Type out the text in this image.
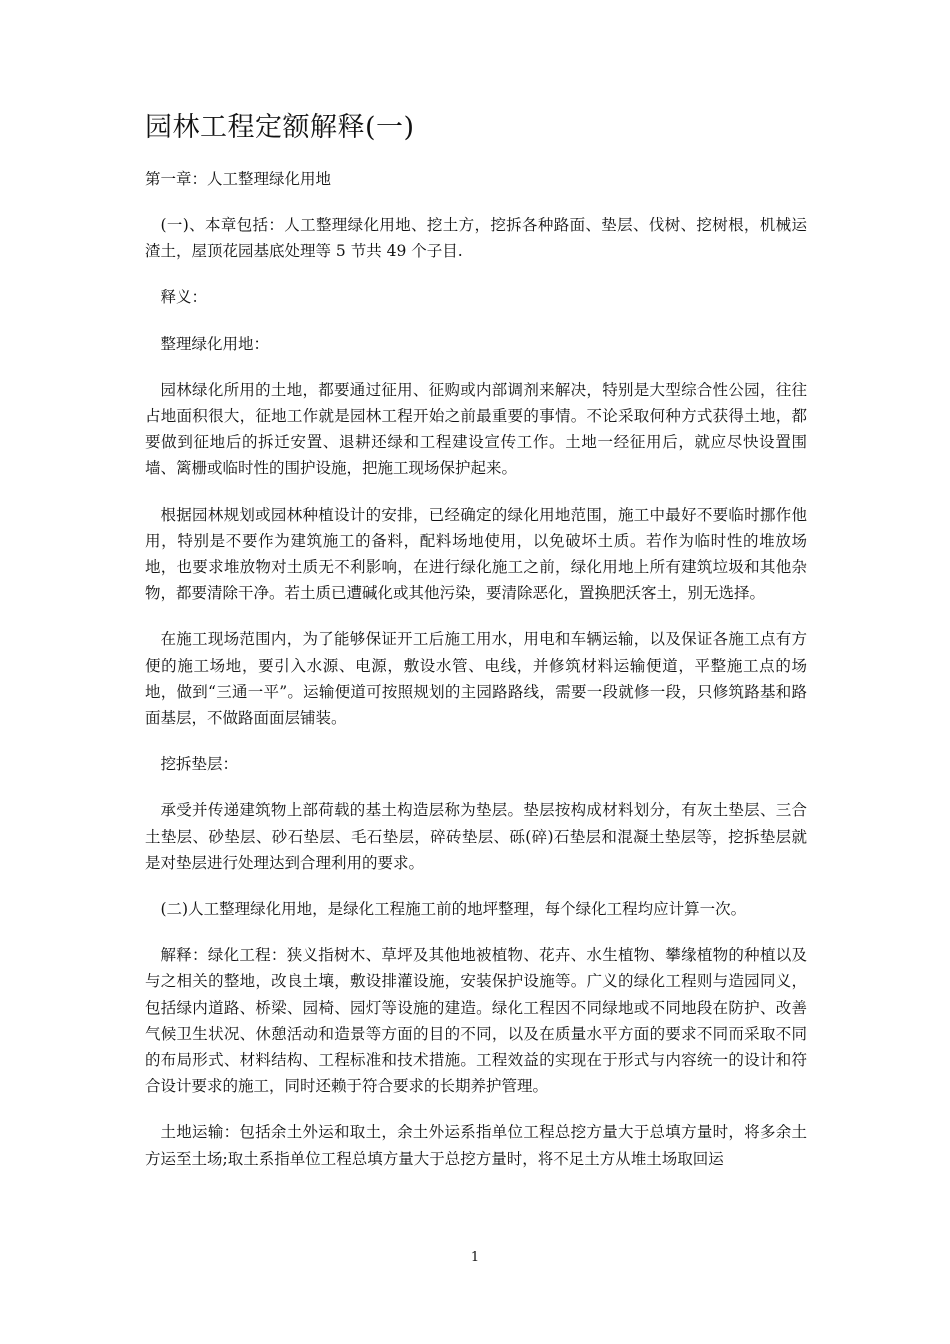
园林工程定额解释(一)

第一章：人工整理绿化用地

(一)、本章包括：人工整理绿化用地、挖土方，挖拆各种路面、垫层、伐树、挖树根，机械运渣土，屋顶花园基底处理等 5 节共 49 个子目.

释义：

整理绿化用地：

园林绿化所用的土地，都要通过征用、征购或内部调剂来解决，特别是大型综合性公园，往往占地面积很大，征地工作就是园林工程开始之前最重要的事情。不论采取何种方式获得土地，都要做到征地后的拆迁安置、退耕还绿和工程建设宣传工作。土地一经征用后，就应尽快设置围墙、篱栅或临时性的围护设施，把施工现场保护起来。

根据园林规划或园林种植设计的安排，已经确定的绿化用地范围，施工中最好不要临时挪作他用，特别是不要作为建筑施工的备料，配料场地使用，以免破坏土质。若作为临时性的堆放场地，也要求堆放物对土质无不利影响，在进行绿化施工之前，绿化用地上所有建筑垃圾和其他杂物，都要清除干净。若土质已遭碱化或其他污染，要清除恶化，置换肥沃客土，别无选择。

在施工现场范围内，为了能够保证开工后施工用水，用电和车辆运输，以及保证各施工点有方便的施工场地，要引入水源、电源，敷设水管、电线，并修筑材料运输便道，平整施工点的场地，做到“三通一平”。运输便道可按照规划的主园路路线，需要一段就修一段，只修筑路基和路面基层，不做路面面层铺装。

挖拆垫层：

承受并传递建筑物上部荷载的基土构造层称为垫层。垫层按构成材料划分，有灰土垫层、三合土垫层、砂垫层、砂石垫层、毛石垫层，碎砖垫层、砾(碎)石垫层和混凝土垫层等，挖拆垫层就是对垫层进行处理达到合理利用的要求。

(二)人工整理绿化用地，是绿化工程施工前的地坪整理，每个绿化工程均应计算一次。

解释：绿化工程：狭义指树木、草坪及其他地被植物、花卉、水生植物、攀缘植物的种植以及与之相关的整地，改良土壤，敷设排灌设施，安装保护设施等。广义的绿化工程则与造园同义，包括绿内道路、桥梁、园椅、园灯等设施的建造。绿化工程因不同绿地或不同地段在防护、改善气候卫生状况、休憩活动和造景等方面的目的不同，以及在质量水平方面的要求不同而采取不同的布局形式、材料结构、工程标准和技术措施。工程效益的实现在于形式与内容统一的设计和符合设计要求的施工，同时还赖于符合要求的长期养护管理。

土地运输：包括余土外运和取土，余土外运系指单位工程总挖方量大于总填方量时，将多余土方运至土场;取土系指单位工程总填方量大于总挖方量时，将不足土方从堆土场取回运

1
